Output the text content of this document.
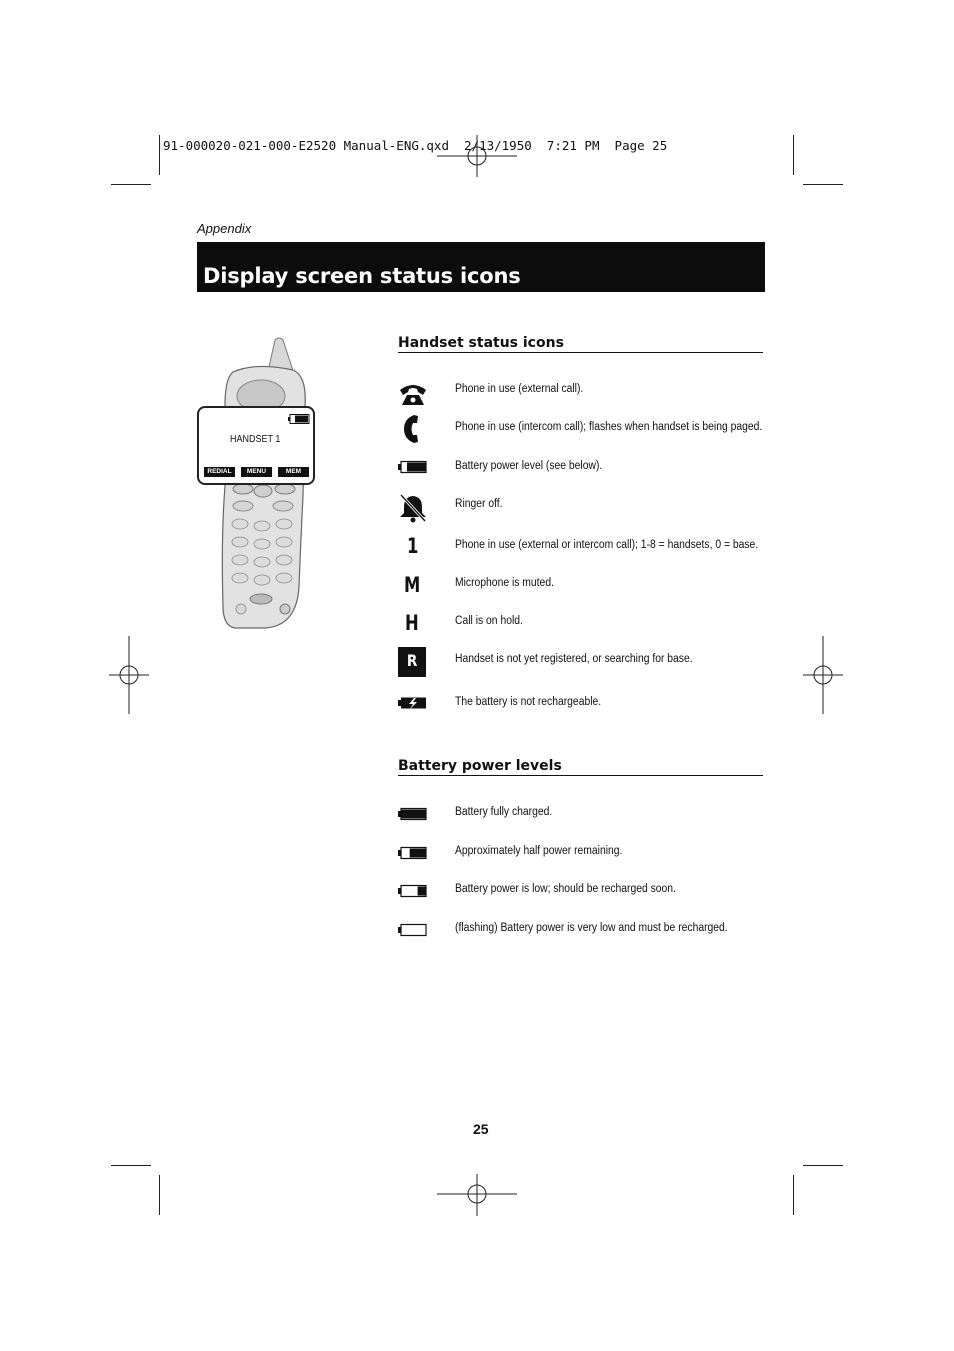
91-000020-021-000-E2520 Manual-ENG.qxd  2/13/1950  7:21 PM  Page 25
Appendix
Display screen status icons
HANDSET 1
REDIAL	MENU	MEM
Handset status icons
Phone in use (external call).
Phone in use (intercom call); flashes when handset is being paged.
Battery power level (see below).
Ringer off.
1	Phone in use (external or intercom call); 1-8 = handsets, 0 = base.
M	Microphone is muted.
H	Call is on hold.
R	Handset is not yet registered, or searching for base.
The battery is not rechargeable.
Battery power levels
Battery fully charged.
Approximately half power remaining.
Battery power is low; should be recharged soon.
(flashing) Battery power is very low and must be recharged.
25
